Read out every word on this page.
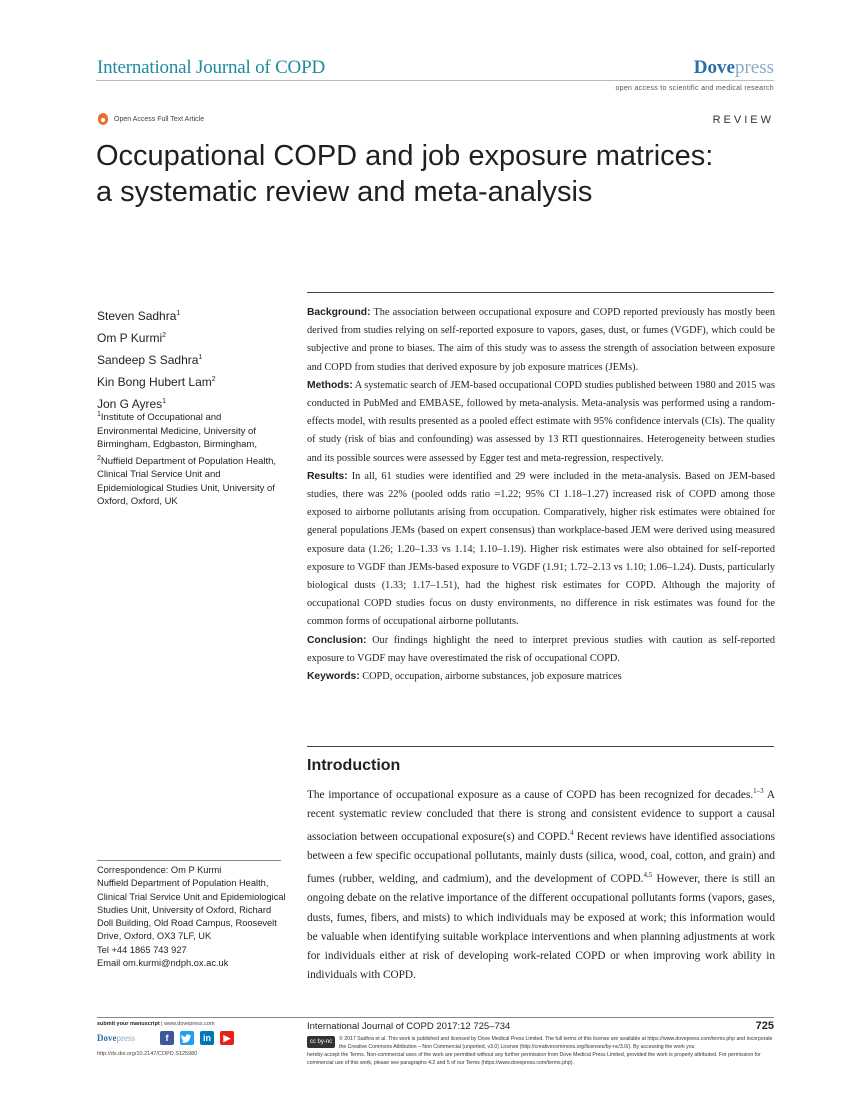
International Journal of COPD	Dovepress
open access to scientific and medical research
Open Access Full Text Article	REVIEW
Occupational COPD and job exposure matrices:
a systematic review and meta-analysis
Steven Sadhra$^1$
Om P Kurmi$^2$
Sandeep S Sadhra$^1$
Kin Bong Hubert Lam$^2$
Jon G Ayres$^1$
$^1$Institute of Occupational and Environmental Medicine, University of Birmingham, Edgbaston, Birmingham, $^2$Nuffield Department of Population Health, Clinical Trial Service Unit and Epidemiological Studies Unit, University of Oxford, Oxford, UK

Background: The association between occupational exposure and COPD reported previously has mostly been derived from studies relying on self-reported exposure to vapors, gases, dust, or fumes (VGDF), which could be subjective and prone to biases. The aim of this study was to assess the strength of association between exposure and COPD from studies that derived exposure by job exposure matrices (JEMs).

Methods: A systematic search of JEM-based occupational COPD studies published between 1980 and 2015 was conducted in PubMed and EMBASE, followed by meta-analysis. Meta-analysis was performed using a random-effects model, with results presented as a pooled effect estimate with 95% confidence intervals (CIs). The quality of study (risk of bias and confounding) was assessed by 13 RTI questionnaires. Heterogeneity between studies and its possible sources were assessed by Egger test and meta-regression, respectively.

Results: In all, 61 studies were identified and 29 were included in the meta-analysis. Based on JEM-based studies, there was 22% (pooled odds ratio =1.22; 95% CI 1.18–1.27) increased risk of COPD among those exposed to airborne pollutants arising from occupation. Comparatively, higher risk estimates were obtained for general populations JEMs (based on expert consensus) than workplace-based JEM were derived using measured exposure data (1.26; 1.20–1.33 vs 1.14; 1.10–1.19). Higher risk estimates were also obtained for self-reported exposure to VGDF than JEMs-based exposure to VGDF (1.91; 1.72–2.13 vs 1.10; 1.06–1.24). Dusts, particularly biological dusts (1.33; 1.17–1.51), had the highest risk estimates for COPD. Although the majority of occupational COPD studies focus on dusty environments, no difference in risk estimates was found for the common forms of occupational airborne pollutants.

Conclusion: Our findings highlight the need to interpret previous studies with caution as self-reported exposure to VGDF may have overestimated the risk of occupational COPD.

Keywords: COPD, occupation, airborne substances, job exposure matrices

Introduction
The importance of occupational exposure as a cause of COPD has been recognized for decades.$^{1-3}$ A recent systematic review concluded that there is strong and consistent evidence to support a causal association between occupational exposure(s) and COPD.$^4$ Recent reviews have identified associations between a few specific occupational pollutants, mainly dusts (silica, wood, coal, cotton, and grain) and fumes (rubber, welding, and cadmium), and the development of COPD.$^{4,5}$ However, there is still an ongoing debate on the relative importance of the different occupational pollutants forms (vapors, gases, dusts, fumes, fibers, and mists) to which individuals may be exposed at work; this information would be valuable when identifying suitable workplace interventions and when planning adjustments at work for individuals either at risk of developing work-related COPD or when improving work ability in individuals with COPD.
Correspondence: Om P Kurmi
Nuffield Department of Population Health, Clinical Trial Service Unit and Epidemiological Studies Unit, University of Oxford, Richard Doll Building, Old Road Campus, Roosevelt Drive, Oxford, OX3 7LF, UK
Tel +44 1865 743 927
Email om.kurmi@ndph.ox.ac.uk
submit your manuscript | www.dovepress.com
Dovepress	f	in	▶
http://dx.doi.org/10.2147/COPD.S125980
International Journal of COPD 2017:12 725–734	725
cc by-nc	© 2017 Sadhra et al. This work is published and licensed by Dove Medical Press Limited. The full terms of this license are available at https://www.dovepress.com/terms.php and incorporate the Creative Commons Attribution – Non Commercial (unported, v3.0) License (http://creativecommons.org/licenses/by-nc/3.0/). By accessing the work you
hereby accept the Terms. Non-commercial uses of the work are permitted without any further permission from Dove Medical Press Limited, provided the work is properly attributed. For permission for commercial use of this work, please see paragraphs 4.2 and 5 of our Terms (https://www.dovepress.com/terms.php).
